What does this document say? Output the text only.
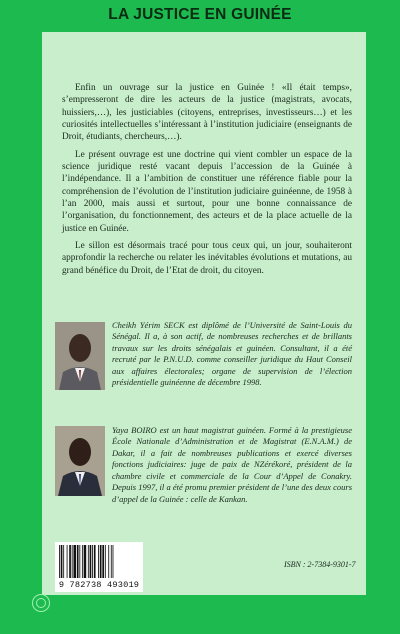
LA JUSTICE EN GUINÉE

Enfin un ouvrage sur la justice en Guinée ! «Il était temps», s’empresseront de dire les acteurs de la justice (magistrats, avocats, huissiers,…), les justiciables (citoyens, entreprises, investisseurs…) et les curiosités intellectuelles s’intéressant à l’institution judiciaire (enseignants de Droit, étudiants, chercheurs,…).

Le présent ouvrage est une doctrine qui vient combler un espace de la science juridique resté vacant depuis l’accession de la Guinée à l’indépendance. Il a l’ambition de constituer une référence fiable pour la compréhension de l’évolution de l’institution judiciaire guinéenne, de 1958 à l’an 2000, mais aussi et surtout, pour une bonne connaissance de l’organisation, du fonctionnement, des acteurs et de la place actuelle de la justice en Guinée.

Le sillon est désormais tracé pour tous ceux qui, un jour, souhaiteront approfondir la recherche ou relater les inévitables évolutions et mutations, au grand bénéfice du Droit, de l’Etat de droit, du citoyen.

Cheikh Yérim SECK est diplômé de l’Université de Saint-Louis du Sénégal. Il a, à son actif, de nombreuses recherches et de brillants travaux sur les droits sénégalais et guinéen. Consultant, il a été recruté par le P.N.U.D. comme conseiller juridique du Haut Conseil aux affaires électorales; organe de supervision de l’élection présidentielle guinéenne de décembre 1998.
Yaya BOIRO est un haut magistrat guinéen. Formé à la prestigieuse École Nationale d’Administration et de Magistrat (E.N.A.M.) de Dakar, il a fait de nombreuses publications et exercé diverses fonctions judiciaires: juge de paix de NZérékoré, président de la chambre civile et commerciale de la Cour d’Appel de Conakry. Depuis 1997, il a été promu premier président de l’une des deux cours d’appel de la Guinée : celle de Kankan.
9 782738 493019
ISBN : 2-7384-9301-7
